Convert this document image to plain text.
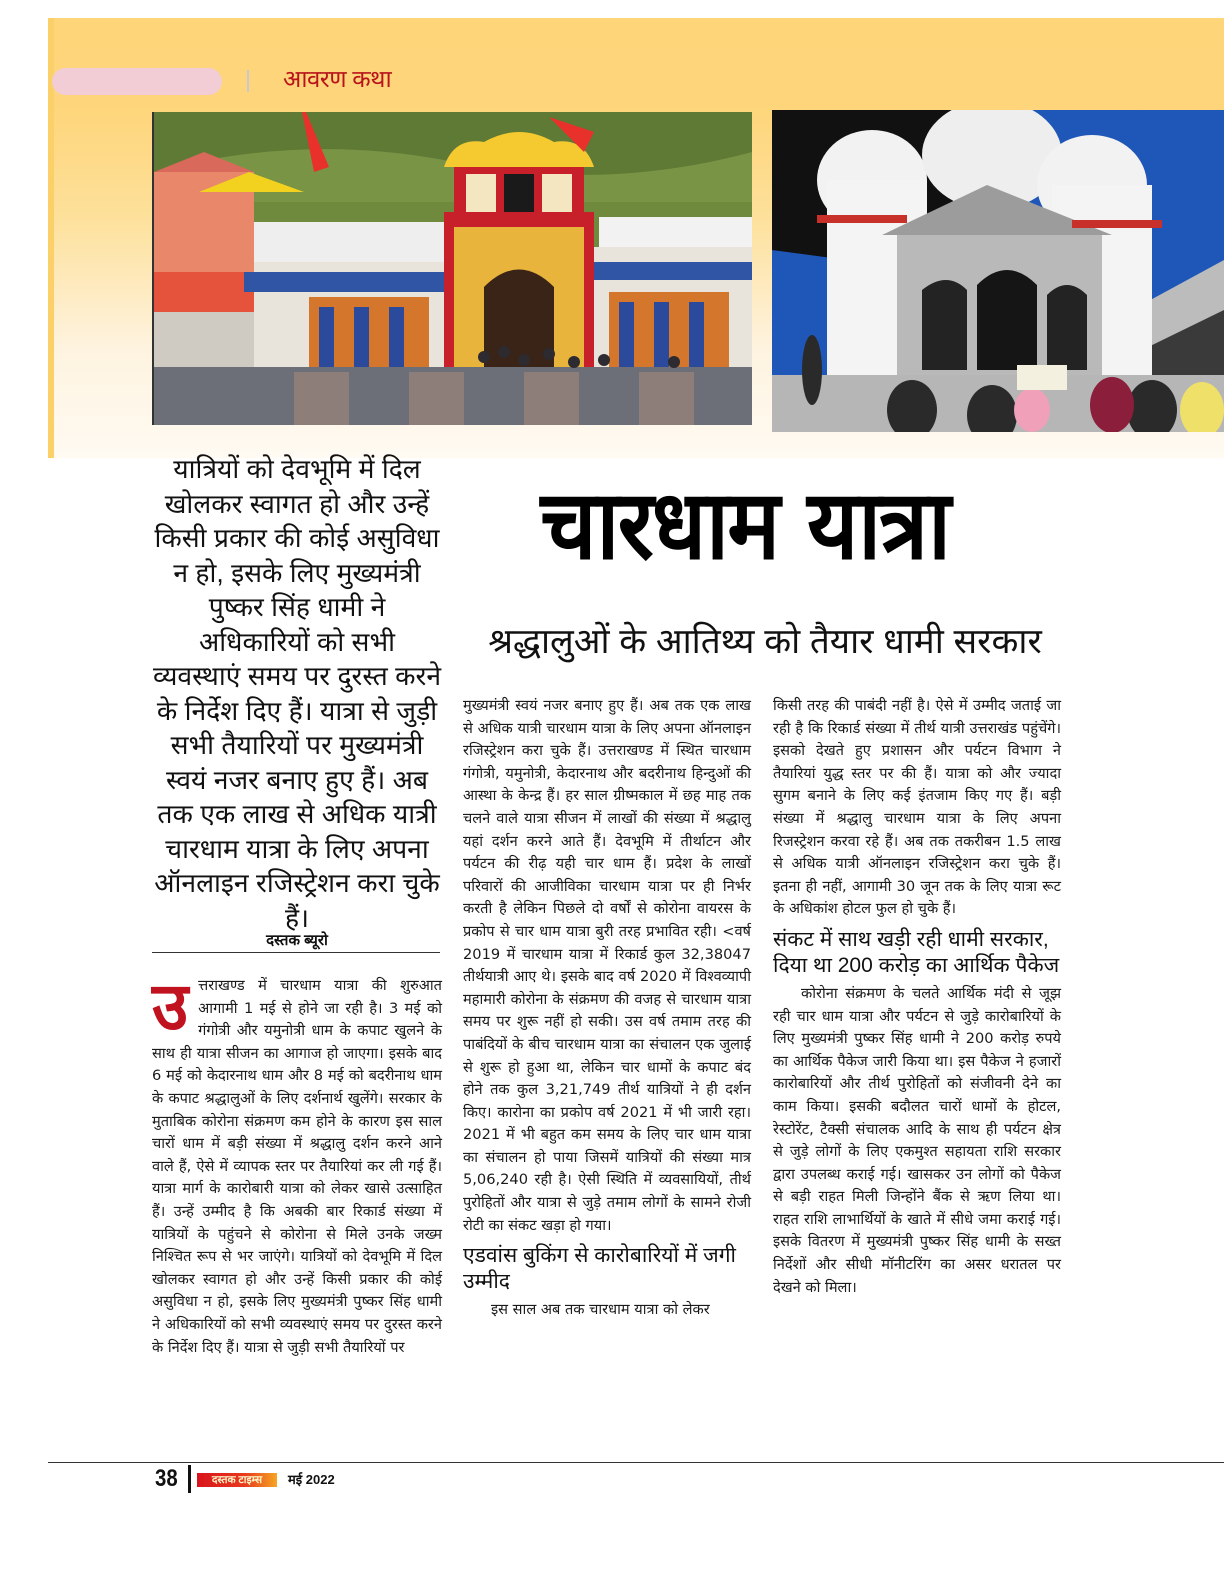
आवरण कथा
यात्रियों को देवभूमि में दिल खोलकर स्वागत हो और उन्हें किसी प्रकार की कोई असुविधा न हो, इसके लिए मुख्यमंत्री पुष्कर सिंह धामी ने अधिकारियों को सभी व्यवस्थाएं समय पर दुरस्त करने के निर्देश दिए हैं। यात्रा से जुड़ी सभी तैयारियों पर मुख्यमंत्री स्वयं नजर बनाए हुए हैं। अब तक एक लाख से अधिक यात्री चारधाम यात्रा के लिए अपना ऑनलाइन रजिस्ट्रेशन करा चुके हैं।
दस्तक ब्यूरो
चारधाम यात्रा
श्रद्धालुओं के आतिथ्य को तैयार धामी सरकार
उ त्तराखण्ड में चारधाम यात्रा की शुरुआत आगामी 1 मई से होने जा रही है। 3 मई को गंगोत्री और यमुनोत्री धाम के कपाट खुलने के साथ ही यात्रा सीजन का आगाज हो जाएगा। इसके बाद 6 मई को केदारनाथ धाम और 8 मई को बदरीनाथ धाम के कपाट श्रद्धालुओं के लिए दर्शनार्थ खुलेंगे। सरकार के मुताबिक कोरोना संक्रमण कम होने के कारण इस साल चारों धाम में बड़ी संख्या में श्रद्धालु दर्शन करने आने वाले हैं, ऐसे में व्यापक स्तर पर तैयारियां कर ली गई हैं। यात्रा मार्ग के कारोबारी यात्रा को लेकर खासे उत्साहित हैं। उन्हें उम्मीद है कि अबकी बार रिकार्ड संख्या में यात्रियों के पहुंचने से कोरोना से मिले उनके जख्म निश्चित रूप से भर जाएंगे। यात्रियों को देवभूमि में दिल खोलकर स्वागत हो और उन्हें किसी प्रकार की कोई असुविधा न हो, इसके लिए मुख्यमंत्री पुष्कर सिंह धामी ने अधिकारियों को सभी व्यवस्थाएं समय पर दुरस्त करने के निर्देश दिए हैं। यात्रा से जुड़ी सभी तैयारियों पर

मुख्यमंत्री स्वयं नजर बनाए हुए हैं। अब तक एक लाख से अधिक यात्री चारधाम यात्रा के लिए अपना ऑनलाइन रजिस्ट्रेशन करा चुके हैं। उत्तराखण्ड में स्थित चारधाम गंगोत्री, यमुनोत्री, केदारनाथ और बदरीनाथ हिन्दुओं की आस्था के केन्द्र हैं। हर साल ग्रीष्मकाल में छह माह तक चलने वाले यात्रा सीजन में लाखों की संख्या में श्रद्धालु यहां दर्शन करने आते हैं। देवभूमि में तीर्थाटन और पर्यटन की रीढ़ यही चार धाम हैं। प्रदेश के लाखों परिवारों की आजीविका चारधाम यात्रा पर ही निर्भर करती है लेकिन पिछले दो वर्षों से कोरोना वायरस के प्रकोप से चार धाम यात्रा बुरी तरह प्रभावित रही। <वर्ष 2019 में चारधाम यात्रा में रिकार्ड कुल 32,38047 तीर्थयात्री आए थे। इसके बाद वर्ष 2020 में विश्वव्यापी महामारी कोरोना के संक्रमण की वजह से चारधाम यात्रा समय पर शुरू नहीं हो सकी। उस वर्ष तमाम तरह की पाबंदियों के बीच चारधाम यात्रा का संचालन एक जुलाई से शुरू हो हुआ था, लेकिन चार धामों के कपाट बंद होने तक कुल 3,21,749 तीर्थ यात्रियों ने ही दर्शन किए। कारोना का प्रकोप वर्ष 2021 में भी जारी रहा। 2021 में भी बहुत कम समय के लिए चार धाम यात्रा का संचालन हो पाया जिसमें यात्रियों की संख्या मात्र 5,06,240 रही है। ऐसी स्थिति में व्यवसायियों, तीर्थ पुरोहितों और यात्रा से जुड़े तमाम लोगों के सामने रोजी रोटी का संकट खड़ा हो गया।

एडवांस बुकिंग से कारोबारियों में जगी उम्मीद

इस साल अब तक चारधाम यात्रा को लेकर

किसी तरह की पाबंदी नहीं है। ऐसे में उम्मीद जताई जा रही है कि रिकार्ड संख्या में तीर्थ यात्री उत्तराखंड पहुंचेंगे। इसको देखते हुए प्रशासन और पर्यटन विभाग ने तैयारियां युद्ध स्तर पर की हैं। यात्रा को और ज्यादा सुगम बनाने के लिए कई इंतजाम किए गए हैं। बड़ी संख्या में श्रद्धालु चारधाम यात्रा के लिए अपना रिजस्ट्रेशन करवा रहे हैं। अब तक तकरीबन 1.5 लाख से अधिक यात्री ऑनलाइन रजिस्ट्रेशन करा चुके हैं। इतना ही नहीं, आगामी 30 जून तक के लिए यात्रा रूट के अधिकांश होटल फुल हो चुके हैं।

संकट में साथ खड़ी रही धामी सरकार, दिया था 200 करोड़ का आर्थिक पैकेज

कोरोना संक्रमण के चलते आर्थिक मंदी से जूझ रही चार धाम यात्रा और पर्यटन से जुड़े कारोबारियों के लिए मुख्यमंत्री पुष्कर सिंह धामी ने 200 करोड़ रुपये का आर्थिक पैकेज जारी किया था। इस पैकेज ने हजारों कारोबारियों और तीर्थ पुरोहितों को संजीवनी देने का काम किया। इसकी बदौलत चारों धामों के होटल, रेस्टोरेंट, टैक्सी संचालक आदि के साथ ही पर्यटन क्षेत्र से जुड़े लोगों के लिए एकमुश्त सहायता राशि सरकार द्वारा उपलब्ध कराई गई। खासकर उन लोगों को पैकेज से बड़ी राहत मिली जिन्होंने बैंक से ऋण लिया था। राहत राशि लाभार्थियों के खाते में सीधे जमा कराई गई। इसके वितरण में मुख्यमंत्री पुष्कर सिंह धामी के सख्त निर्देशों और सीधी मॉनीटरिंग का असर धरातल पर देखने को मिला।

38	दस्तक टाइम्स	मई 2022
